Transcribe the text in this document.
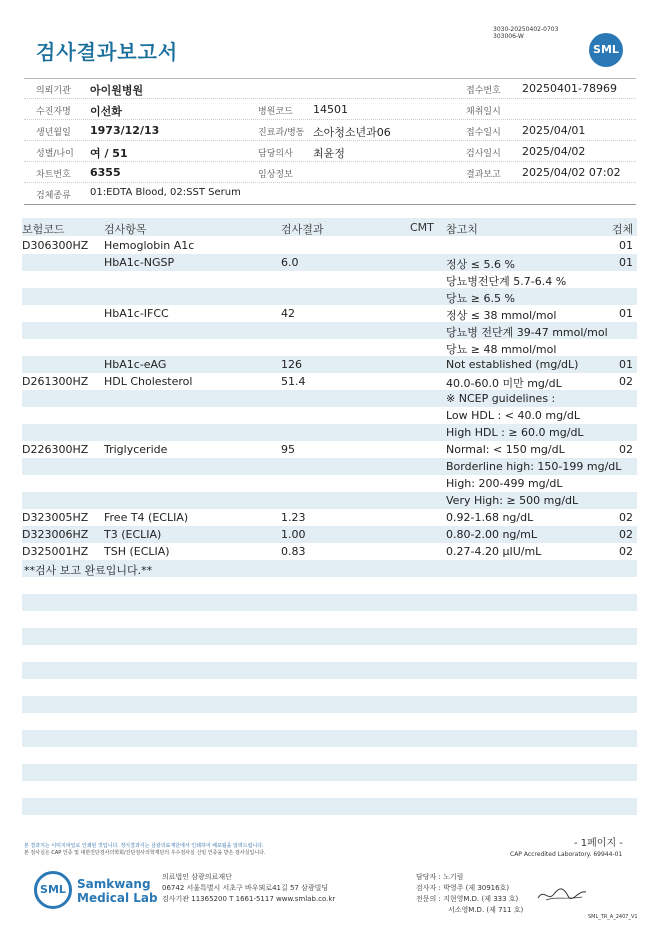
검사결과보고서
3030-20250402-0703
303006-W
SML
의뢰기관 아이원병원	접수번호 20250401-78969
수진자명 이선화	병원코드 14501	채취일시
생년월일 1973/12/13	진료과/병동 소아청소년과06	접수일시 2025/04/01
성별/나이 여 / 51	담당의사 최윤정	검사일시 2025/04/02
차트번호 6355	임상정보	결과보고 2025/04/02 07:02
검체종류 01:EDTA Blood, 02:SST Serum
보험코드	검사항목	검사결과	CMT 참고치	검체
D306300HZ Hemoglobin A1c	01
HbA1c-NGSP	6.0	정상 ≤ 5.6 %	01
당뇨병전단계 5.7-6.4 %
당뇨 ≥ 6.5 %
HbA1c-IFCC	42	정상 ≤ 38 mmol/mol	01
당뇨병 전단계 39-47 mmol/mol
당뇨 ≥ 48 mmol/mol
HbA1c-eAG	126	Not established (mg/dL)	01
D261300HZ HDL Cholesterol	51.4	40.0-60.0 미만 mg/dL	02
※ NCEP guidelines :
Low HDL : < 40.0 mg/dL
High HDL : ≥ 60.0 mg/dL
D226300HZ Triglyceride	95	Normal: < 150 mg/dL	02
Borderline high: 150-199 mg/dL
High: 200-499 mg/dL
Very High: ≥ 500 mg/dL
D323005HZ Free T4 (ECLIA)	1.23	0.92-1.68 ng/dL	02
D323006HZ T3 (ECLIA)	1.00	0.80-2.00 ng/mL	02
D325001HZ TSH (ECLIA)	0.83	0.27-4.20 μIU/mL	02
**검사 보고 완료입니다.**
본 결과지는 이미지파일로 인쇄된 것입니다. 정식결과지는 삼광의료재단에서 인쇄하여 배포됨을 알려드립니다.
본 검사실은 CAP 인증 및 대한진단검사의학회/진단검사의학재단의 우수검사실 신임 인증을 받은 검사실입니다.
- 1페이지 -
CAP Accredited Laboratory. 69944-01
SML Samkwang
Medical Lab
의료법인 삼광의료재단
06742 서울특별시 서초구 바우뫼로41길 57 삼광빌딩
검사기관 11365200 T 1661-5117 www.smlab.co.kr
담당자 : 노기림
검사자 : 박영주 (제 30916호)
전문의 : 지현영M.D. (제 333 호)
서소영M.D. (제 711 호)
SML_TR_A_2407_V1
